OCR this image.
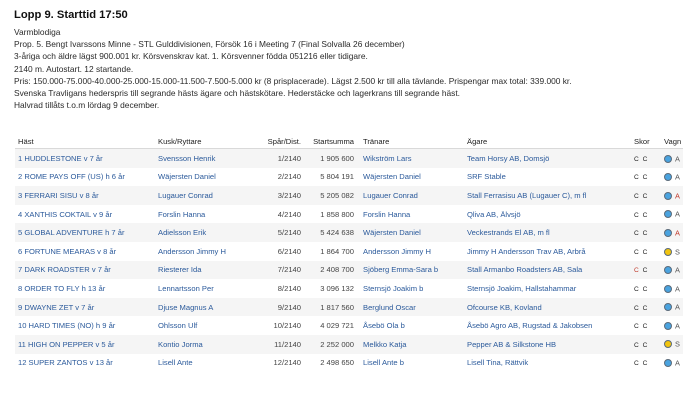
Lopp 9. Starttid 17:50
Varmblodiga
Prop. 5. Bengt Ivarssons Minne - STL Gulddivisionen, Försök 16 i Meeting 7 (Final Solvalla 26 december)
3-åriga och äldre lägst 900.001 kr. Körsvenskrav kat. 1. Körsvenner födda 051216 eller tidigare.
2140 m. Autostart. 12 startande.
Pris: 150.000-75.000-40.000-25.000-15.000-11.500-7.500-5.000 kr (8 prisplacerade). Lägst 2.500 kr till alla tävlande. Prispengar max total: 339.000 kr.
Svenska Travligans hederspris till segrande hästs ägare och hästskötare. Hederstäcke och lagerkrans till segrande häst.
Halvrad tillåts t.o.m lördag 9 december.
Häst	Kusk/Ryttare	Spår/Dist.	Startsumma	Tränare	Ägare	Skor	Vagn
1 HUDDLESTONE v 7 år	Svensson Henrik	1/2140	1 905 600	Wikström Lars	Team Horsy AB, Domsjö	C C	A
2 ROME PAYS OFF (US) h 6 år	Wäjersten Daniel	2/2140	5 804 191	Wäjersten Daniel	SRF Stable	C C	A
3 FERRARI SISU v 8 år	Lugauer Conrad	3/2140	5 205 082	Lugauer Conrad	Stall Ferrasisu AB (Lugauer C), m fl	C C	A
4 XANTHIS COKTAIL v 9 år	Forslin Hanna	4/2140	1 858 800	Forslin Hanna	Qliva AB, Älvsjö	C C	A
5 GLOBAL ADVENTURE h 7 år	Adielsson Erik	5/2140	5 424 638	Wäjersten Daniel	Veckestrands El AB, m fl	C C	A
6 FORTUNE MEARAS v 8 år	Andersson Jimmy H	6/2140	1 864 700	Andersson Jimmy H	Jimmy H Andersson Trav AB, Arbrå	C C	S
7 DARK ROADSTER v 7 år	Riesterer Ida	7/2140	2 408 700	Sjöberg Emma-Sara b	Stall Armanbo Roadsters AB, Sala	C C	A
8 ORDER TO FLY h 13 år	Lennartsson Per	8/2140	3 096 132	Sternsjö Joakim b	Sternsjö Joakim, Hallstahammar	C C	A
9 DWAYNE ZET v 7 år	Djuse Magnus A	9/2140	1 817 560	Berglund Oscar	Ofcourse KB, Kovland	C C	A
10 HARD TIMES (NO) h 9 år	Ohlsson Ulf	10/2140	4 029 721	Åsebö Ola b	Åsebö Agro AB, Rugstad & Jakobsen	C C	A
11 HIGH ON PEPPER v 5 år	Kontio Jorma	11/2140	2 252 000	Melkko Katja	Pepper AB & Silkstone HB	C C	S
12 SUPER ZANTOS v 13 år	Lisell Ante	12/2140	2 498 650	Lisell Ante b	Lisell Tina, Rättvik	C C	A
